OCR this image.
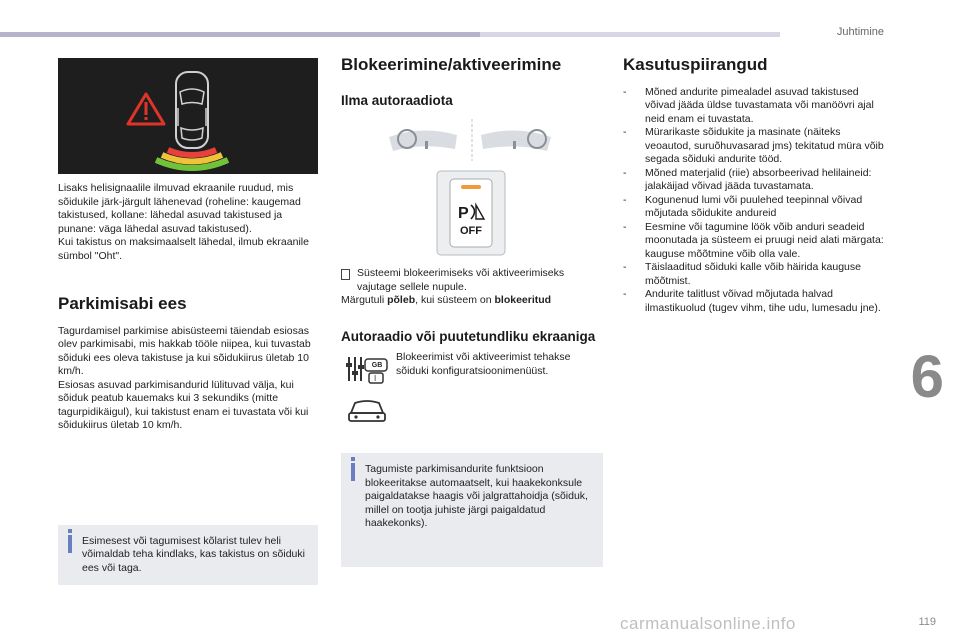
Juhtimine
6
119
carmanualsonline.info

Lisaks helisignaalile ilmuvad ekraanile ruudud, mis sõidukile järk-järgult lähenevad (roheline: kaugemad takistused, kollane: lähedal asuvad takistused ja punane: väga lähedal asuvad takistused).
Kui takistus on maksimaalselt lähedal, ilmub ekraanile sümbol "Oht".

Parkimisabi ees

Tagurdamisel parkimise abisüsteemi täiendab esiosas olev parkimisabi, mis hakkab tööle niipea, kui tuvastab sõiduki ees oleva takistuse ja kui sõidukiirus ületab 10 km/h.
Esiosas asuvad parkimisandurid lülituvad välja, kui sõiduk peatub kauemaks kui 3 sekundiks (mitte tagurpidikäigul), kui takistust enam ei tuvastata või kui sõidukiirus ületab 10 km/h.

Esimesest või tagumisest kõlarist tulev heli võimaldab teha kindlaks, kas takistus on sõiduki ees või taga.

Blokeerimine/aktiveerimine
Ilma autoraadiota
P
OFF

Süsteemi blokeerimiseks või aktiveerimiseks vajutage sellele nupule.

Märgutuli põleb, kui süsteem on blokeeritud

Autoraadio või puutetundliku ekraaniga
I
GB

Blokeerimist või aktiveerimist tehakse sõiduki konfiguratsioonimenüüst.

Tagumiste parkimisandurite funktsioon blokeeritakse automaatselt, kui haakekonksule paigaldatakse haagis või jalgrattahoidja (sõiduk, millel on tootja juhiste järgi paigaldatud haakekonks).

Kasutuspiirangud
- Mõned andurite pimealadel asuvad takistused võivad jääda üldse tuvastamata või manöövri ajal neid enam ei tuvastata.
- Mürarikaste sõidukite ja masinate (näiteks veoautod, suruõhuvasarad jms) tekitatud müra võib segada sõiduki andurite tööd.
- Mõned materjalid (riie) absorbeerivad helilaineid: jalakäijad võivad jääda tuvastamata.
- Kogunenud lumi või puulehed teepinnal võivad mõjutada sõidukite andureid
- Eesmine või tagumine löök võib anduri seadeid moonutada ja süsteem ei pruugi neid alati märgata: kauguse mõõtmine võib olla vale.
- Täislaaditud sõiduki kalle võib häirida kauguse mõõtmist.
- Andurite talitlust võivad mõjutada halvad ilmastikuolud (tugev vihm, tihe udu, lumesadu jne).
